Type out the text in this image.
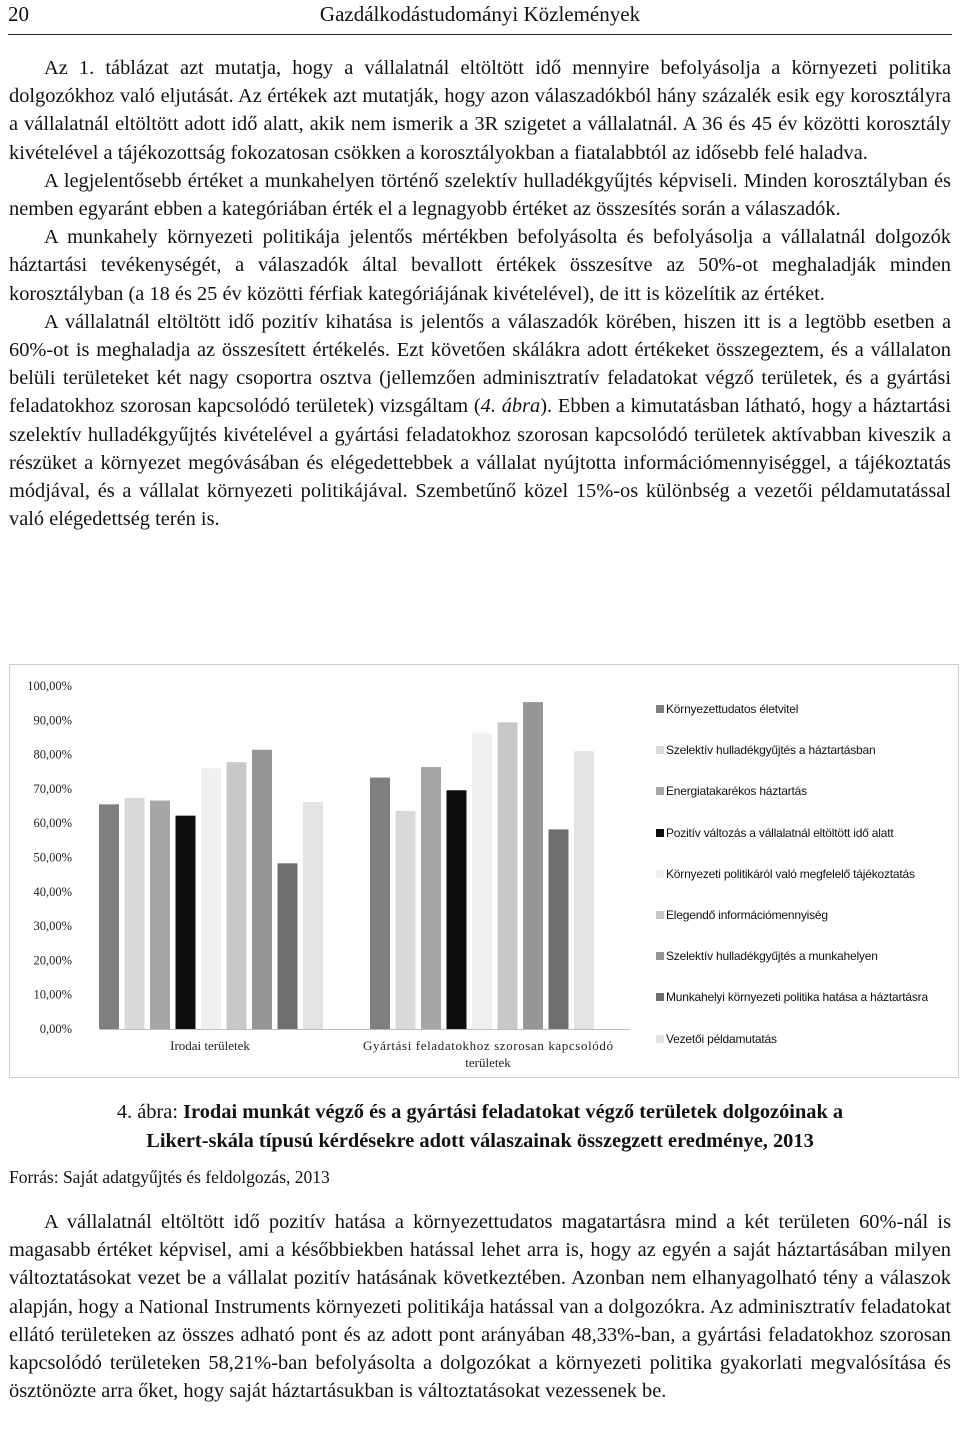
20	Gazdálkodástudományi Közlemények

Az 1. táblázat azt mutatja, hogy a vállalatnál eltöltött idő mennyire befolyásolja a környezeti politika dolgozókhoz való eljutását. Az értékek azt mutatják, hogy azon válaszadókból hány százalék esik egy korosztályra a vállalatnál eltöltött adott idő alatt, akik nem ismerik a 3R szigetet a vállalatnál. A 36 és 45 év közötti korosztály kivételével a tájékozottság fokozatosan csökken a korosztályokban a fiatalabbtól az idősebb felé haladva.

A legjelentősebb értéket a munkahelyen történő szelektív hulladékgyűjtés képviseli. Minden korosztályban és nemben egyaránt ebben a kategóriában érték el a legnagyobb értéket az összesítés során a válaszadók.

A munkahely környezeti politikája jelentős mértékben befolyásolta és befolyásolja a vállalatnál dolgozók háztartási tevékenységét, a válaszadók által bevallott értékek összesítve az 50%-ot meghaladják minden korosztályban (a 18 és 25 év közötti férfiak kategóriájának kivételével), de itt is közelítik az értéket.

A vállalatnál eltöltött idő pozitív kihatása is jelentős a válaszadók körében, hiszen itt is a legtöbb esetben a 60%-ot is meghaladja az összesített értékelés. Ezt követően skálákra adott értékeket összegeztem, és a vállalaton belüli területeket két nagy csoportra osztva (jellemzően adminisztratív feladatokat végző területek, és a gyártási feladatokhoz szorosan kapcsolódó területek) vizsgáltam (4. ábra). Ebben a kimutatásban látható, hogy a háztartási szelektív hulladékgyűjtés kivételével a gyártási feladatokhoz szorosan kapcsolódó területek aktívabban kiveszik a részüket a környezet megóvásában és elégedettebbek a vállalat nyújtotta információmennyiséggel, a tájékoztatás módjával, és a vállalat környezeti politikájával. Szembetűnő közel 15%-os különbség a vezetői példamutatással való elégedettség terén is.

0,00%
10,00%
20,00%
30,00%
40,00%
50,00%
60,00%
70,00%
80,00%
90,00%
100,00%
Irodai területek	Gyártási feladatokhoz szorosan kapcsolódó
területek
Környezettudatos életvitel
Szelektív hulladékgyűjtés a háztartásban
Energiatakarékos háztartás
Pozitív változás a vállalatnál eltöltött idő alatt
Környezeti politikáról való megfelelő tájékoztatás
Elegendő információmennyiség
Szelektív hulladékgyűjtés a munkahelyen
Munkahelyi környezeti politika hatása a háztartásra
Vezetői példamutatás
4. ábra: Irodai munkát végző és a gyártási feladatokat végző területek dolgozóinak a
Likert-skála típusú kérdésekre adott válaszainak összegzett eredménye, 2013
Forrás: Saját adatgyűjtés és feldolgozás, 2013

A vállalatnál eltöltött idő pozitív hatása a környezettudatos magatartásra mind a két területen 60%-nál is magasabb értéket képvisel, ami a későbbiekben hatással lehet arra is, hogy az egyén a saját háztartásában milyen változtatásokat vezet be a vállalat pozitív hatásának következtében. Azonban nem elhanyagolható tény a válaszok alapján, hogy a National Instruments környezeti politikája hatással van a dolgozókra. Az adminisztratív feladatokat ellátó területeken az összes adható pont és az adott pont arányában 48,33%-ban, a gyártási feladatokhoz szorosan kapcsolódó területeken 58,21%-ban befolyásolta a dolgozókat a környezeti politika gyakorlati megvalósítása és ösztönözte arra őket, hogy saját háztartásukban is változtatásokat vezessenek be.
